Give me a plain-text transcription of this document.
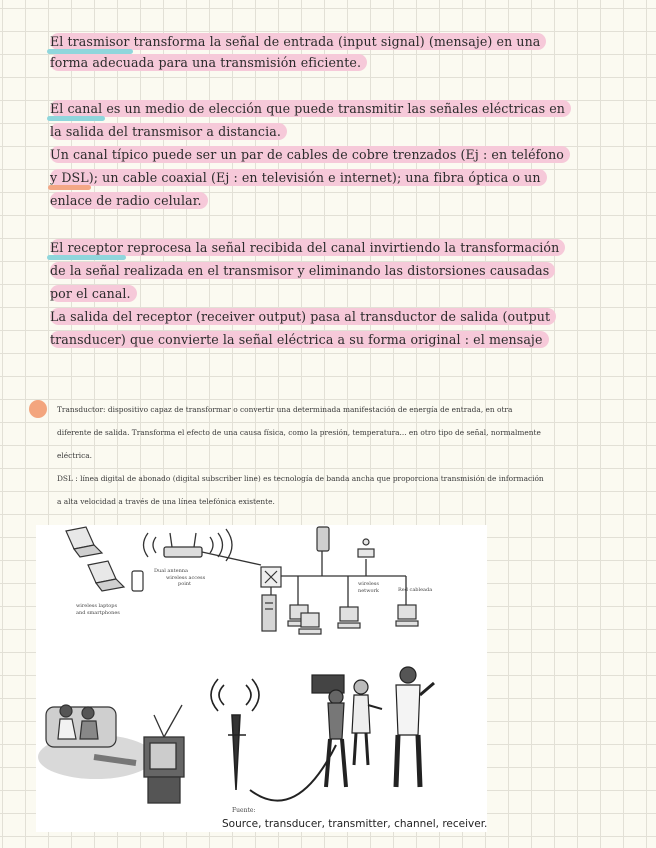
El trasmisor transforma la señal de entrada (input signal) (mensaje) en una
forma adecuada para una transmisión eficiente.
El canal es un medio de elección que puede transmitir las señales eléctricas en
la salida del transmisor a distancia.
Un canal típico puede ser un par de cables de cobre trenzados (Ej : en teléfono
y DSL); un cable coaxial (Ej : en televisión e internet); una fibra óptica o un
enlace de radio celular.
El receptor reprocesa la señal recibida del canal invirtiendo la transformación
de la señal realizada en el transmisor y eliminando las distorsiones causadas
por el canal.
La salida del receptor (receiver output) pasa al transductor de salida (output
transducer) que convierte la señal eléctrica a su forma original : el mensaje
Transductor: dispositivo capaz de transformar o convertir una determinada manifestación de energía de entrada, en otra
diferente de salida. Transforma el efecto de una causa física, como la presión, temperatura... en otro tipo de señal, normalmente
eléctrica.
DSL : línea digital de abonado (digital subscriber line) es tecnología de banda ancha que proporciona transmisión de información
a alta velocidad a través de una línea telefónica existente.
wireless laptops
and smartphones
Dual antenna
wireless access
point	wireless
network	Red cableada
Fuente:
Source, transducer, transmitter, channel, receiver.
